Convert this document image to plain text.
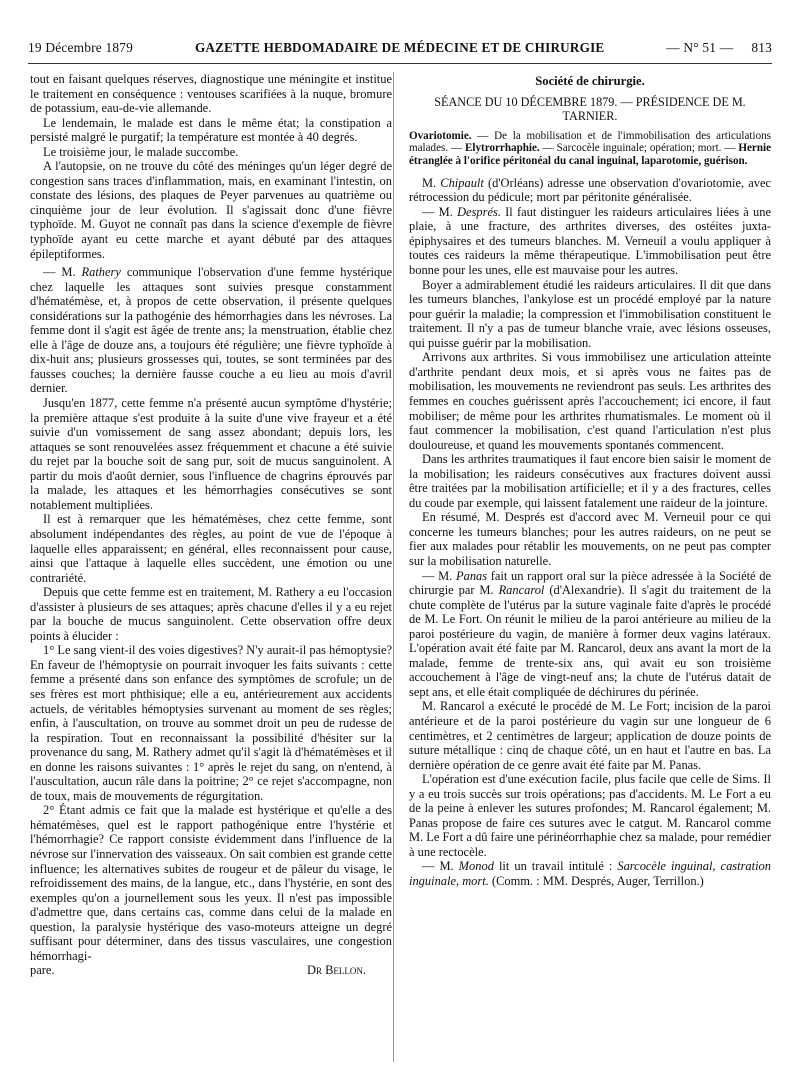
19 Décembre 1879	GAZETTE HEBDOMADAIRE DE MÉDECINE ET DE CHIRURGIE	— N° 51 — 813

tout en faisant quelques réserves, diagnostique une méningite et institue le traitement en conséquence : ventouses scarifiées à la nuque, bromure de potassium, eau-de-vie allemande.

Le lendemain, le malade est dans le même état; la constipation a persisté malgré le purgatif; la température est montée à 40 degrés.

Le troisième jour, le malade succombe.

A l'autopsie, on ne trouve du côté des méninges qu'un léger degré de congestion sans traces d'inflammation, mais, en examinant l'intestin, on constate des lésions, des plaques de Peyer parvenues au quatrième ou cinquième jour de leur évolution. Il s'agissait donc d'une fièvre typhoïde. M. Guyot ne connaît pas dans la science d'exemple de fièvre typhoïde ayant eu cette marche et ayant débuté par des attaques épileptiformes.

— M. Rathery communique l'observation d'une femme hystérique chez laquelle les attaques sont suivies presque constamment d'hématémèse, et, à propos de cette observation, il présente quelques considérations sur la pathogénie des hémorrhagies dans les névroses. La femme dont il s'agit est âgée de trente ans; la menstruation, établie chez elle à l'âge de douze ans, a toujours été régulière; une fièvre typhoïde à dix-huit ans; plusieurs grossesses qui, toutes, se sont terminées par des fausses couches; la dernière fausse couche a eu lieu au mois d'avril dernier.

Jusqu'en 1877, cette femme n'a présenté aucun symptôme d'hystérie; la première attaque s'est produite à la suite d'une vive frayeur et a été suivie d'un vomissement de sang assez abondant; depuis lors, les attaques se sont renouvelées assez fréquemment et chacune a été suivie du rejet par la bouche soit de sang pur, soit de mucus sanguinolent. A partir du mois d'août dernier, sous l'influence de chagrins éprouvés par la malade, les attaques et les hémorrhagies consécutives se sont notablement multipliées.

Il est à remarquer que les hématémèses, chez cette femme, sont absolument indépendantes des règles, au point de vue de l'époque à laquelle elles apparaissent; en général, elles reconnaissent pour cause, ainsi que l'attaque à laquelle elles succèdent, une émotion ou une contrariété.

Depuis que cette femme est en traitement, M. Rathery a eu l'occasion d'assister à plusieurs de ses attaques; après chacune d'elles il y a eu rejet par la bouche de mucus sanguinolent. Cette observation offre deux points à élucider :

1° Le sang vient-il des voies digestives? N'y aurait-il pas hémoptysie? En faveur de l'hémoptysie on pourrait invoquer les faits suivants : cette femme a présenté dans son enfance des symptômes de scrofule; un de ses frères est mort phthisique; elle a eu, antérieurement aux accidents actuels, de véritables hémoptysies survenant au moment de ses règles; enfin, à l'auscultation, on trouve au sommet droit un peu de rudesse de la respiration. Tout en reconnaissant la possibilité d'hésiter sur la provenance du sang, M. Rathery admet qu'il s'agit là d'hématémèses et il en donne les raisons suivantes : 1° après le rejet du sang, on n'entend, à l'auscultation, aucun râle dans la poitrine; 2° ce rejet s'accompagne, non de toux, mais de mouvements de régurgitation.

2° Étant admis ce fait que la malade est hystérique et qu'elle a des hématémèses, quel est le rapport pathogénique entre l'hystérie et l'hémorrhagie? Ce rapport consiste évidemment dans l'influence de la névrose sur l'innervation des vaisseaux. On sait combien est grande cette influence; les alternatives subites de rougeur et de pâleur du visage, le refroidissement des mains, de la langue, etc., dans l'hystérie, en sont des exemples qu'on a journellement sous les yeux. Il n'est pas impossible d'admettre que, dans certains cas, comme dans celui de la malade en question, la paralysie hystérique des vaso-moteurs atteigne un degré suffisant pour déterminer, dans des tissus vasculaires, une congestion hémorrhagi-

pare.	Dr Bellon.
Société de chirurgie.
SÉANCE DU 10 DÉCEMBRE 1879. — PRÉSIDENCE DE M. TARNIER.
Ovariotomie. — De la mobilisation et de l'immobilisation des articulations malades. — Elytrorrhaphie. — Sarcocèle inguinale; opération; mort. — Hernie étranglée à l'orifice péritonéal du canal inguinal, laparotomie, guérison.

M. Chipault (d'Orléans) adresse une observation d'ovariotomie, avec rétrocession du pédicule; mort par péritonite généralisée.

— M. Després. Il faut distinguer les raideurs articulaires liées à une plaie, à une fracture, des arthrites diverses, des ostéites juxta-épiphysaires et des tumeurs blanches. M. Verneuil a voulu appliquer à toutes ces raideurs la même thérapeutique. L'immobilisation peut être bonne pour les unes, elle est mauvaise pour les autres.

Boyer a admirablement étudié les raideurs articulaires. Il dit que dans les tumeurs blanches, l'ankylose est un procédé employé par la nature pour guérir la maladie; la compression et l'immobilisation constituent le traitement. Il n'y a pas de tumeur blanche vraie, avec lésions osseuses, qui puisse guérir par la mobilisation.

Arrivons aux arthrites. Si vous immobilisez une articulation atteinte d'arthrite pendant deux mois, et si après vous ne faites pas de mobilisation, les mouvements ne reviendront pas seuls. Les arthrites des femmes en couches guérissent après l'accouchement; ici encore, il faut mobiliser; de même pour les arthrites rhumatismales. Le moment où il faut commencer la mobilisation, c'est quand l'articulation n'est plus douloureuse, et quand les mouvements spontanés commencent.

Dans les arthrites traumatiques il faut encore bien saisir le moment de la mobilisation; les raideurs consécutives aux fractures doivent aussi être traitées par la mobilisation artificielle; et il y a des fractures, celles du coude par exemple, qui laissent fatalement une raideur de la jointure.

En résumé, M. Després est d'accord avec M. Verneuil pour ce qui concerne les tumeurs blanches; pour les autres raideurs, on ne peut se fier aux malades pour rétablir les mouvements, on ne peut pas compter sur la mobilisation naturelle.

— M. Panas fait un rapport oral sur la pièce adressée à la Société de chirurgie par M. Rancarol (d'Alexandrie). Il s'agit du traitement de la chute complète de l'utérus par la suture vaginale faite d'après le procédé de M. Le Fort. On réunit le milieu de la paroi antérieure au milieu de la paroi postérieure du vagin, de manière à former deux vagins latéraux. L'opération avait été faite par M. Rancarol, deux ans avant la mort de la malade, femme de trente-six ans, qui avait eu son troisième accouchement à l'âge de vingt-neuf ans; la chute de l'utérus datait de sept ans, et elle était compliquée de déchirures du périnée.

M. Rancarol a exécuté le procédé de M. Le Fort; incision de la paroi antérieure et de la paroi postérieure du vagin sur une longueur de 6 centimètres, et 2 centimètres de largeur; application de douze points de suture métallique : cinq de chaque côté, un en haut et l'autre en bas. La dernière opération de ce genre avait été faite par M. Panas.

L'opération est d'une exécution facile, plus facile que celle de Sims. Il y a eu trois succès sur trois opérations; pas d'accidents. M. Le Fort a eu de la peine à enlever les sutures profondes; M. Rancarol également; M. Panas propose de faire ces sutures avec le catgut. M. Rancarol comme M. Le Fort a dû faire une périnéorrhaphie chez sa malade, pour remédier à une rectocèle.

— M. Monod lit un travail intitulé : Sarcocèle inguinal, castration inguinale, mort. (Comm. : MM. Després, Auger, Terrillon.)
